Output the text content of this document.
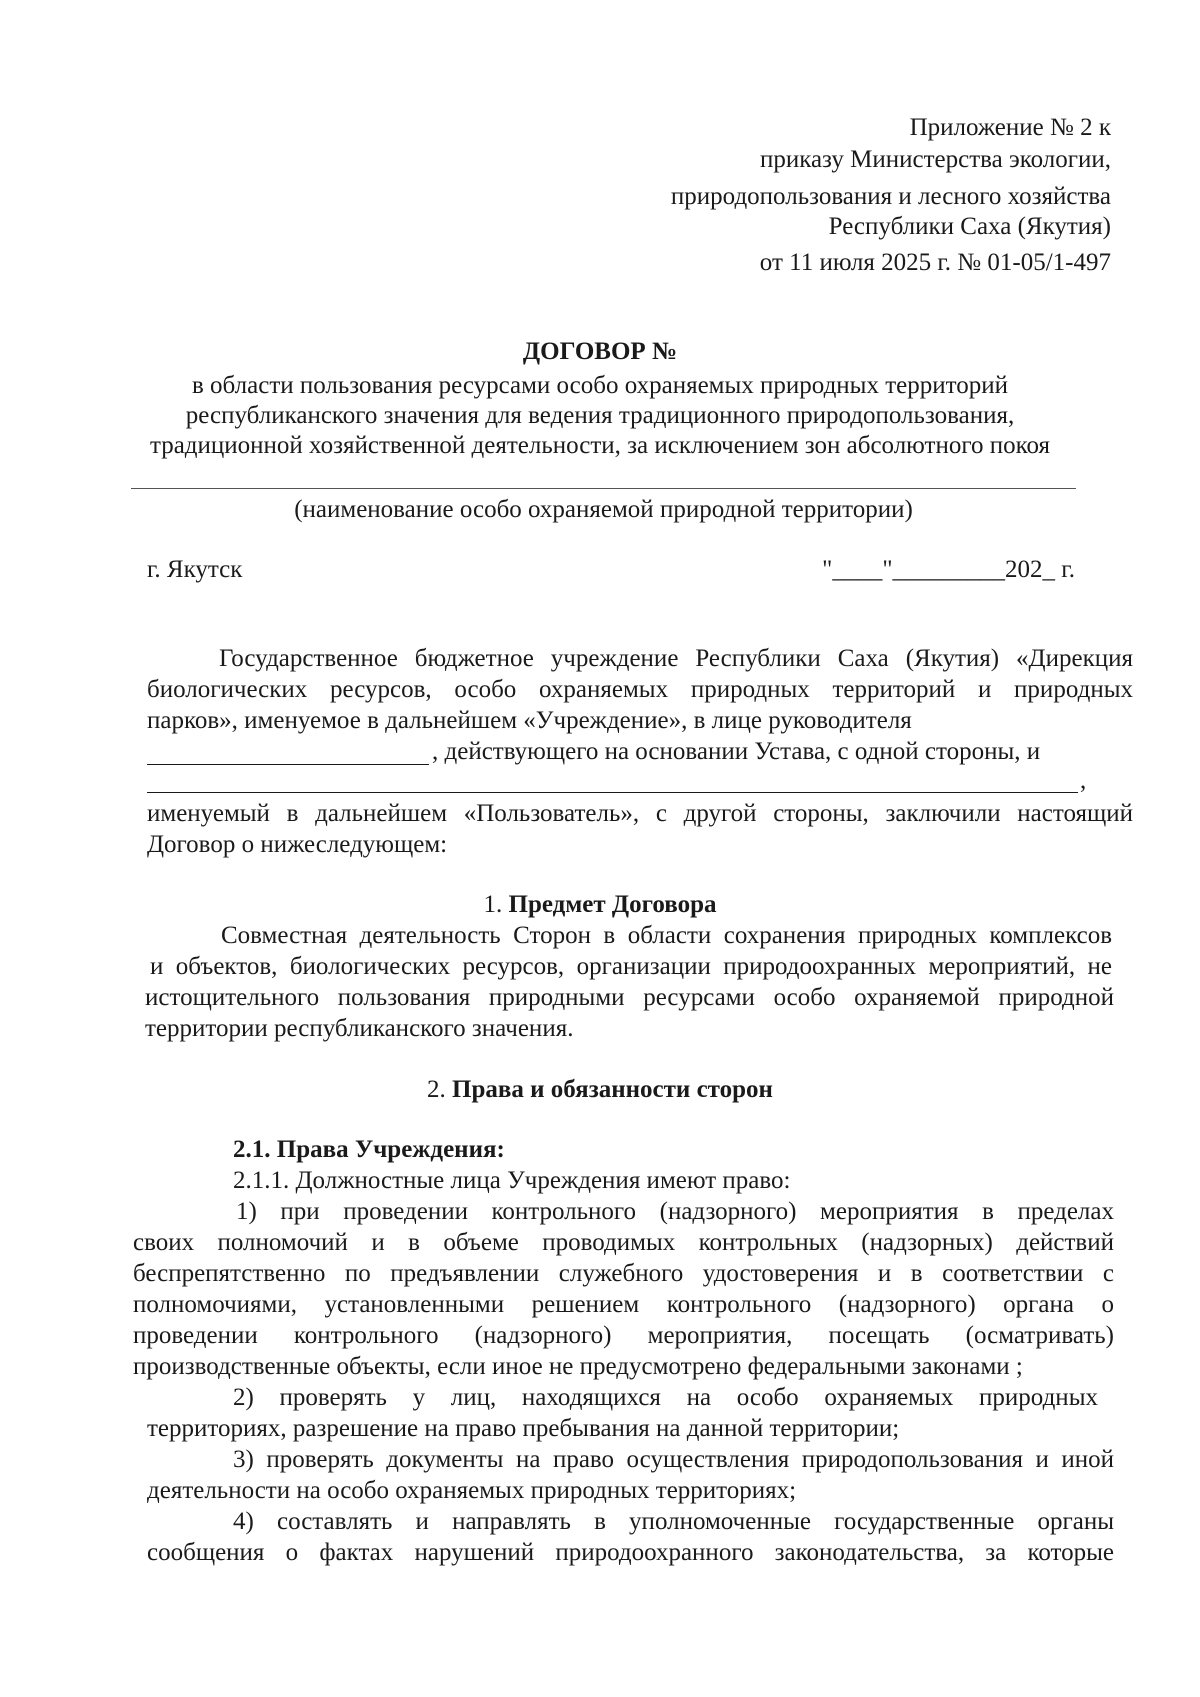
Приложение № 2 к

приказу Министерства экологии,

природопользования и лесного хозяйства

Республики Саха (Якутия)

от 11 июля 2025 г. № 01-05/1-497

ДОГОВОР №

в области пользования ресурсами особо охраняемых природных территорий

республиканского значения для ведения традиционного природопользования,

традиционной хозяйственной деятельности, за исключением зон абсолютного покоя

(наименование особо охраняемой природной территории)

г. Якутск	"____"_________202_ г.

Государственное бюджетное учреждение Республики Саха (Якутия) «Дирекция

биологических ресурсов, особо охраняемых природных территорий и природных

парков», именуемое в дальнейшем «Учреждение», в лице руководителя

, действующего на основании Устава, с одной стороны, и

,

именуемый в дальнейшем «Пользователь», с другой стороны, заключили настоящий

Договор о нижеследующем:

1. Предмет Договора

Совместная деятельность Сторон в области сохранения природных комплексов

и объектов, биологических ресурсов, организации природоохранных мероприятий, не

истощительного пользования природными ресурсами особо охраняемой природной

территории республиканского значения.

2. Права и обязанности сторон

2.1. Права Учреждения:

2.1.1. Должностные лица Учреждения имеют право:

1) при проведении контрольного (надзорного) мероприятия в пределах

своих полномочий и в объеме проводимых контрольных (надзорных) действий

беспрепятственно по предъявлении служебного удостоверения и в соответствии с

полномочиями, установленными решением контрольного (надзорного) органа о

проведении контрольного (надзорного) мероприятия, посещать (осматривать)

производственные объекты, если иное не предусмотрено федеральными законами ;

2) проверять у лиц, находящихся на особо охраняемых природных

территориях, разрешение на право пребывания на данной территории;

3) проверять документы на право осуществления природопользования и иной

деятельности на особо охраняемых природных территориях;

4) составлять и направлять в уполномоченные государственные органы

сообщения о фактах нарушений природоохранного законодательства, за которые
